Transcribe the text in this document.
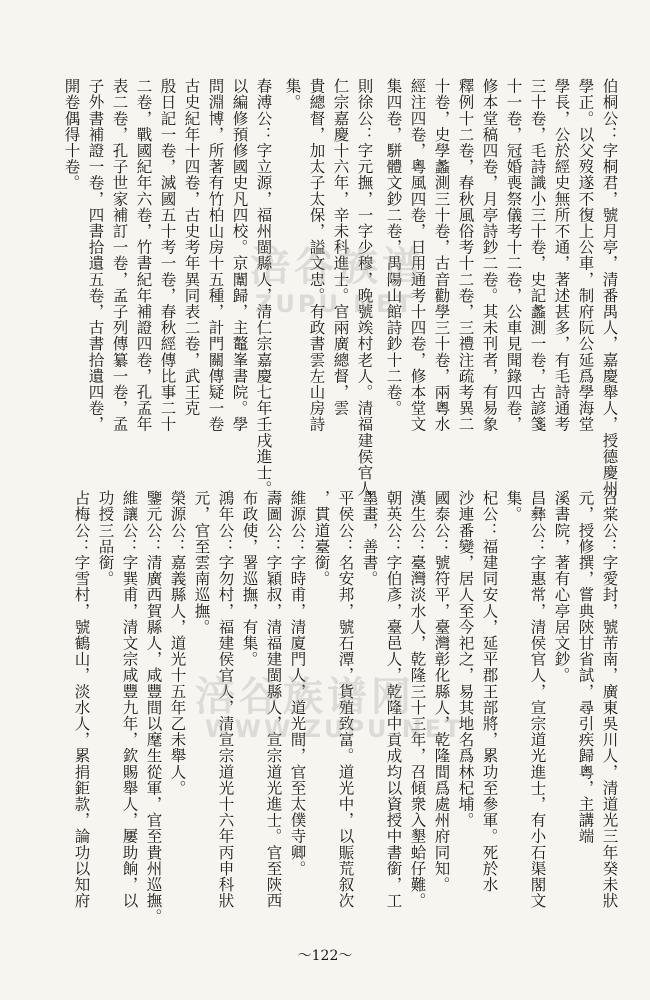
伯桐公：字桐君，號月亭，清番禺人，嘉慶舉人，授德慶州

學正。以父歿遂不復上公車，制府阮公延爲學海堂

學長，公於經史無所不通，著述甚多，有毛詩通考

三十卷，毛詩識小三十卷，史記蠡測一卷，古諺箋

十一卷，冠婚喪祭儀考十二卷，公車見聞錄四卷，

修本堂稿四卷，月亭詩鈔二卷。其未刊者，有易象

釋例十二卷，春秋風俗考十二卷，三禮注疏考異二

十卷，史學蠡測三十卷，古音勸學三十卷，兩粵水

經注四卷，粵風四卷，日用通考十四卷，修本堂文

集四卷，駢體文鈔二卷，禺陽山館詩鈔十二卷。

則徐公：字元撫，一字少穆，晚號竢村老人。清福建侯官人

仁宗嘉慶十六年，辛未科進士。官兩廣總督，雲

貴總督，加太子太保，謚文忠。有政書雲左山房詩

集。

春溥公：字立源，福州閩縣人，清仁宗嘉慶七年壬戌進士。

以編修預修國史凡四校。京闈歸，主鼇峯書院。學

問淵博，所著有竹柏山房十五種，計門關傳疑一卷

古史紀年十四卷，古史考年異同表二卷，武王克

殷日記一卷，滅國五十考一卷，春秋經傳比事二十

二卷，戰國紀年六卷，竹書紀年補證四卷，孔孟年

表二卷，孔子世家補訂一卷，孟子列傳纂一卷，孟

子外書補證一卷，四書拾遺五卷，古書拾遺四卷，

開卷偶得十卷。

召棠公：字愛封，號芾南，廣東吳川人，清道光三年癸未狀

元，授修撰，嘗典陝甘省試，尋引疾歸粵，主講端

溪書院，著有心亭居文鈔。

昌彝公：字惠常，清侯官人，宣宗道光進士，有小石渠閣文

集。

杞公：福建同安人，延平郡王部將，累功至參軍。死於水

沙連番變，居人至今祀之，易其地名爲林杞埔。

國泰公：號符平，臺灣彰化縣人，乾隆間爲處州府同知。

漢生公：臺灣淡水人，乾隆三十三年，召傾衆入墾蛤仔難。

朝英公：字伯彥，臺邑人，乾隆中貢成均以資授中書銜，工

墨畫，善書。

平侯公：名安邦，號石潭，貨殖致富。道光中，以賑荒叙次

，貫道臺銜。

維源公：字時甫，清廈門人，道光間，官至太僕寺卿。

壽圖公：字穎叔，清福建閩縣人，宣宗道光進士。官至陝西

布政使，署巡撫，有集。

鴻年公：字勿村，福建侯官人，清宣宗道光十六年丙申科狀

元，官至雲南巡撫。

榮源公：嘉義縣人，道光十五年乙未舉人。

鑒元公：清廣西賀縣人，咸豐間以麾生從軍，官至貴州巡撫。

維讓公：字巽甫，清文宗咸豐九年，欽賜舉人，屢助餉，以

功授三品銜。

占梅公：字雪村，號鶴山，淡水人，累捐鉅款，論功以知府

涪谷族谱
ZUPU.NET
涪谷族谱网
WWW.ZUPU.NET
～122～
